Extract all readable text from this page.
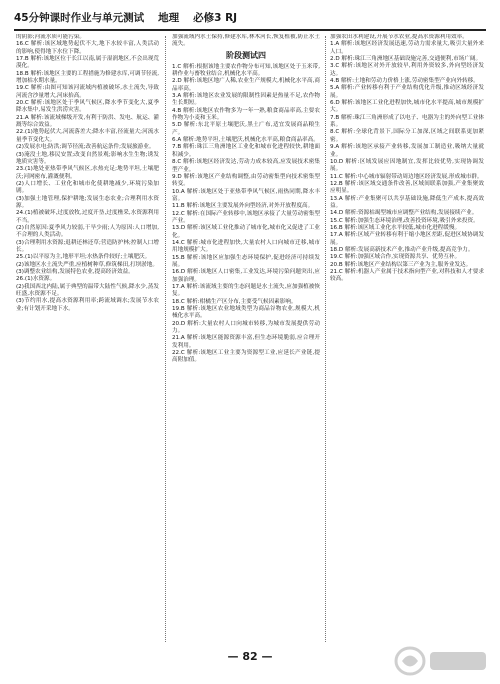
45分钟课时作业与单元测试 地理 必修3 RJ

的阴影;河流水质可能污染。

16.C 解析:该区域地势起伏不大,地下水较丰富,人类活动的影响,使得地下水位下降。

17.B 解析:该地区位于长江以南,属于湿润地区,不会出现荒漠化。

18.B 解析:该地区主要的工程措施为修建水库,可调节径流,增加枯水期水量。

19.C 解析:由图可知该河流域内植被破坏,水土流失,导致河流含沙量增大,河床抬高。

20.C 解析:该地区处于季风气候区,降水季节变化大,夏季降水集中,易发生洪涝灾害。

21.A 解析:该流域梯级开发,有利于防洪、发电、航运、灌溉等综合效益。

22.(1)地势起伏大,河流落差大;降水丰富,径流量大;河流水量季节变化大。

(2)发展水电;防洪;调节径流;改善航运条件;发展旅游业。

(3)淹没土地,移民安置;改变自然景观;影响水生生物;诱发地质灾害等。

23.(1)地处亚热带季风气候区,水热充足;地势平坦,土壤肥沃;河网密布,灌溉便利。

(2)人口增长、工业化和城市化使耕地减少,环境污染加剧。

(3)加强土地管理,保护耕地;发展生态农业;合理利用水资源。

24.(1)植被破坏,过度放牧,过度开垦,过度樵采,水资源利用不当。

(2)自然原因:夏季风力较弱,干旱少雨;人为原因:人口增加,不合理的人类活动。

(3)合理利用水资源;退耕还林还草;营造防护林;控制人口增长。

25.(1)以平原为主,地形平坦;水热条件较好;土壤肥沃。

(2)该地区水土流失严重,应植树种草,修筑梯田,打坝淤地。

(3)调整农业结构,发展特色农业,提高经济效益。

26.(1)水资源。

(2)我国西北内陆,属于典型的温带大陆性气候,降水少,蒸发旺盛,水资源不足。

(3)节约用水,提高水资源利用率;跨流域调水;发展节水农业;有计划开采地下水。

加强流域内水土保持,修建水库,林木河长,恢复植被,防止水土流失。

阶段测试四

1.C 解析:根据该地主要农作物分布可知,该地区处于玉米带,耕作业与畜牧业结合,机械化水平高。

2.D 解析:该地区地广人稀,农业生产规模大,机械化水平高,商品率高。

3.A 解析:该地区农业发展的限制性因素是热量不足,农作物生长期短。

4.B 解析:该地区农作物多为一年一熟,粮食商品率高,主要农作物为小麦和玉米。

5.D 解析:东北平原土壤肥沃,黑土广布,适宜发展商品粮生产。

6.A 解析:地势平坦,土壤肥沃,机械化水平高,粮食商品率高。

7.B 解析:珠江三角洲地区工业化和城市化进程较快,耕地面积减少。

8.C 解析:该地区经济发达,劳动力成本较高,应发展技术密集型产业。

9.D 解析:该地区产业结构调整,由劳动密集型向技术密集型转变。

10.A 解析:该地区处于亚热带季风气候区,雨热同期,降水丰富。

11.B 解析:该地区主要发展外向型经济,对外开放程度高。

12.C 解析:在国际产业转移中,该地区承接了大量劳动密集型产业。

13.D 解析:该区域工业化推动了城市化,城市化又促进了工业化。

14.C 解析:城市化进程加快,大量农村人口向城市迁移,城市用地规模扩大。

15.B 解析:该地区应加强生态环境保护,促进经济可持续发展。

16.D 解析:该地区人口密集,工业发达,环境污染问题突出,应加强治理。

17.A 解析:该流域主要的生态问题是水土流失,应加强植被恢复。

18.C 解析:柑橘生产区分布,主要受气候因素影响。

19.B 解析:该地区农业地域类型为商品谷物农业,规模大,机械化水平高。

20.D 解析:大量农村人口向城市转移,为城市发展提供劳动力。

21.A 解析:该地区能源资源丰富,但生态环境脆弱,应合理开发利用。

22.C 解析:该地区工业主要为资源型工业,应延长产业链,提高附加值。

加强农田水利建设,开展节水农业,提高水资源利用效率。

1.A 解析:该地区经济发展迅速,劳动力需求量大,吸引大量外来人口。

2.D 解析:珠江三角洲地区基础设施完善,交通便利,市场广阔。

3.C 解析:该地区对外开放较早,利用外资较多,外向型经济发达。

4.B 解析:土地和劳动力价格上涨,劳动密集型产业向外转移。

5.A 解析:产业转移有利于产业结构优化升级,推动区域经济发展。

6.D 解析:该地区工业化进程加快,城市化水平提高,城市规模扩大。

7.B 解析:珠江三角洲形成了以电子、电器为主的外向型工业体系。

8.C 解析:全球化背景下,国际分工加深,区域之间联系更加紧密。

9.A 解析:该地区承接产业转移,发展加工制造业,吸纳大量就业。

10.D 解析:区域发展应因地制宜,发挥比较优势,实现协调发展。

11.C 解析:中心城市辐射带动周边地区经济发展,形成城市群。

12.B 解析:该区域交通条件改善,区域间联系加强,产业集聚效应明显。

13.A 解析:产业集聚可以共享基础设施,降低生产成本,提高效益。

14.D 解析:资源枯竭型城市应调整产业结构,发展接续产业。

15.C 解析:加强生态环境治理,改善投资环境,吸引外来投资。

16.B 解析:该区域工业化水平较低,城市化进程缓慢。

17.A 解析:区域产业转移有利于缩小地区差距,促进区域协调发展。

18.D 解析:发展高新技术产业,推动产业升级,提高竞争力。

19.C 解析:加强区域合作,实现资源共享、优势互补。

20.B 解析:该地区产业结构以第三产业为主,服务业发达。

21.C 解析:机器人产业属于技术指向型产业,对科技和人才要求较高。

— 82 —
